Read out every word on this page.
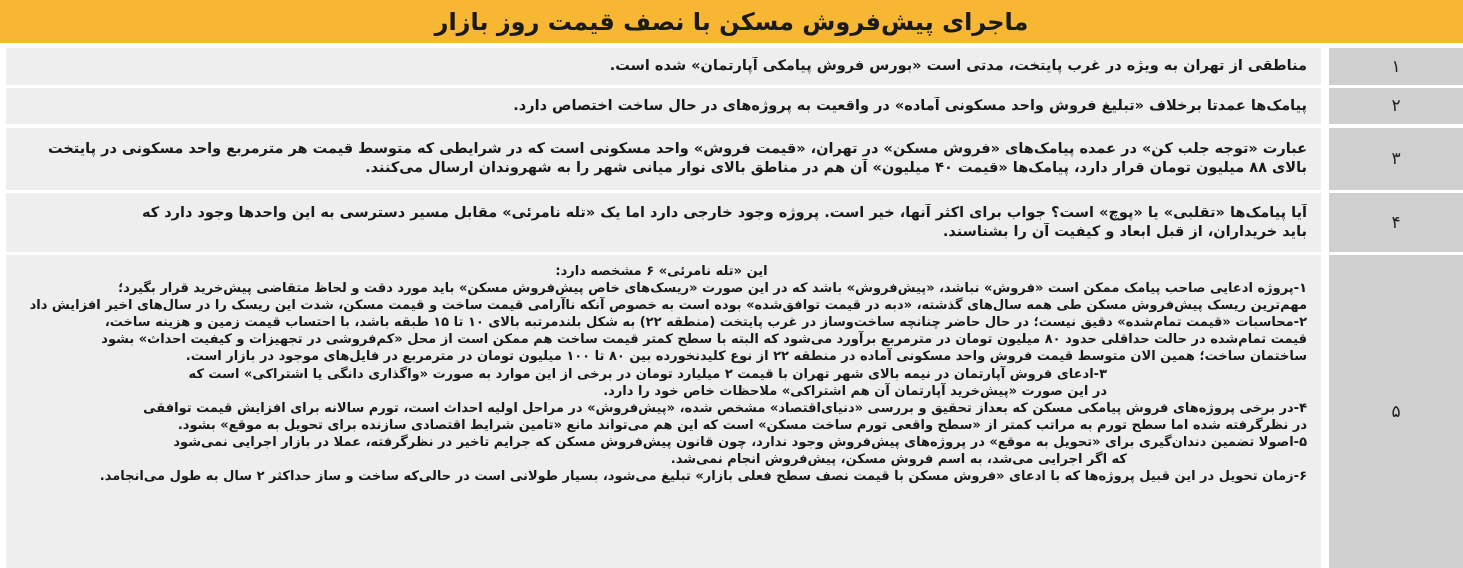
ماجرای پیش‌فروش مسکن با نصف قیمت روز بازار
مناطقی از تهران به ویژه در غرب پایتخت، مدتی است «بورس فروش پیامکی آپارتمان» شده است.	۱
پیامک‌ها عمدتا برخلاف «تبلیغ فروش واحد مسکونی آماده» در واقعیت به پروژه‌های در حال ساخت اختصاص دارد.	۲
عبارت «توجه جلب کن» در عمده پیامک‌های «فروش مسکن» در تهران، «قیمت فروش» واحد مسکونی است که در شرایطی که متوسط قیمت هر مترمربع واحد مسکونی در پایتخت
بالای ۸۸ میلیون تومان قرار دارد، پیامک‌ها «قیمت ۴۰ میلیون» آن هم در مناطق بالای نوار میانی شهر را به شهروندان ارسال می‌کنند.	۳
آیا پیامک‌ها «تقلبی» یا «پوچ» است؟ جواب برای اکثر آنها، خیر است. پروژه وجود خارجی دارد اما یک «تله نامرئی» مقابل مسیر دسترسی به این واحدها وجود دارد که
باید خریداران، از قبل ابعاد و کیفیت آن را بشناسند.	۴
این «تله نامرئی» ۶ مشخصه دارد:
۱-پروژه ادعایی صاحب پیامک ممکن است «فروش» نباشد، «پیش‌فروش» باشد که در این صورت «ریسک‌های خاص پیش‌فروش مسکن» باید مورد دقت و لحاظ متقاضی پیش‌خرید قرار بگیرد؛
مهم‌ترین ریسک پیش‌فروش مسکن طی همه سال‌های گذشته، «دبه در قیمت توافق‌شده» بوده است به خصوص آنکه ناآرامی قیمت ساخت و قیمت مسکن، شدت این ریسک را در سال‌های اخیر افزایش داد
۲-محاسبات «قیمت تمام‌شده» دقیق نیست؛ در حال حاضر چنانچه ساخت‌وساز در غرب پایتخت (منطقه ۲۲) به شکل بلندمرتبه بالای ۱۰ تا ۱۵ طبقه باشد، با احتساب قیمت زمین و هزینه ساخت،
قیمت تمام‌شده در حالت حداقلی حدود ۸۰ میلیون تومان در مترمربع برآورد می‌شود که البته با سطح کمتر قیمت ساخت هم ممکن است از محل «کم‌فروشی در تجهیزات و کیفیت احداث» بشود
ساختمان ساخت؛ همین الان متوسط قیمت فروش واحد مسکونی آماده در منطقه ۲۲ از نوع کلیدنخورده بین ۸۰ تا ۱۰۰ میلیون تومان در مترمربع در فایل‌های موجود در بازار است.
۳-ادعای فروش آپارتمان در نیمه بالای شهر تهران با قیمت ۲ میلیارد تومان در برخی از این موارد به صورت «واگذاری دانگی یا اشتراکی» است که
در این صورت «پیش‌خرید آپارتمان آن هم اشتراکی» ملاحظات خاص خود را دارد.
۴-در برخی پروژه‌های فروش پیامکی مسکن که بعداز تحقیق و بررسی «دنیای‌اقتصاد» مشخص شده، «پیش‌فروش» در مراحل اولیه احداث است، تورم سالانه برای افزایش قیمت توافقی
در نظرگرفته شده اما سطح تورم به مراتب کمتر از «سطح واقعی تورم ساخت مسکن» است که این هم می‌تواند مانع «تامین شرایط اقتصادی سازنده برای تحویل به موقع» بشود.
۵-اصولا تضمین دندان‌گیری برای «تحویل به موقع» در پروژه‌های پیش‌فروش وجود ندارد، چون قانون پیش‌فروش مسکن که جرایم تاخیر در نظرگرفته، عملا در بازار اجرایی نمی‌شود
که اگر اجرایی می‌شد، به اسم فروش مسکن، پیش‌فروش انجام نمی‌شد.
۶-زمان تحویل در این قبیل پروژه‌ها که با ادعای «فروش مسکن با قیمت نصف سطح فعلی بازار» تبلیغ می‌شود، بسیار طولانی است در حالی‌که ساخت و ساز حداکثر ۲ سال به طول می‌انجامد.
۵
